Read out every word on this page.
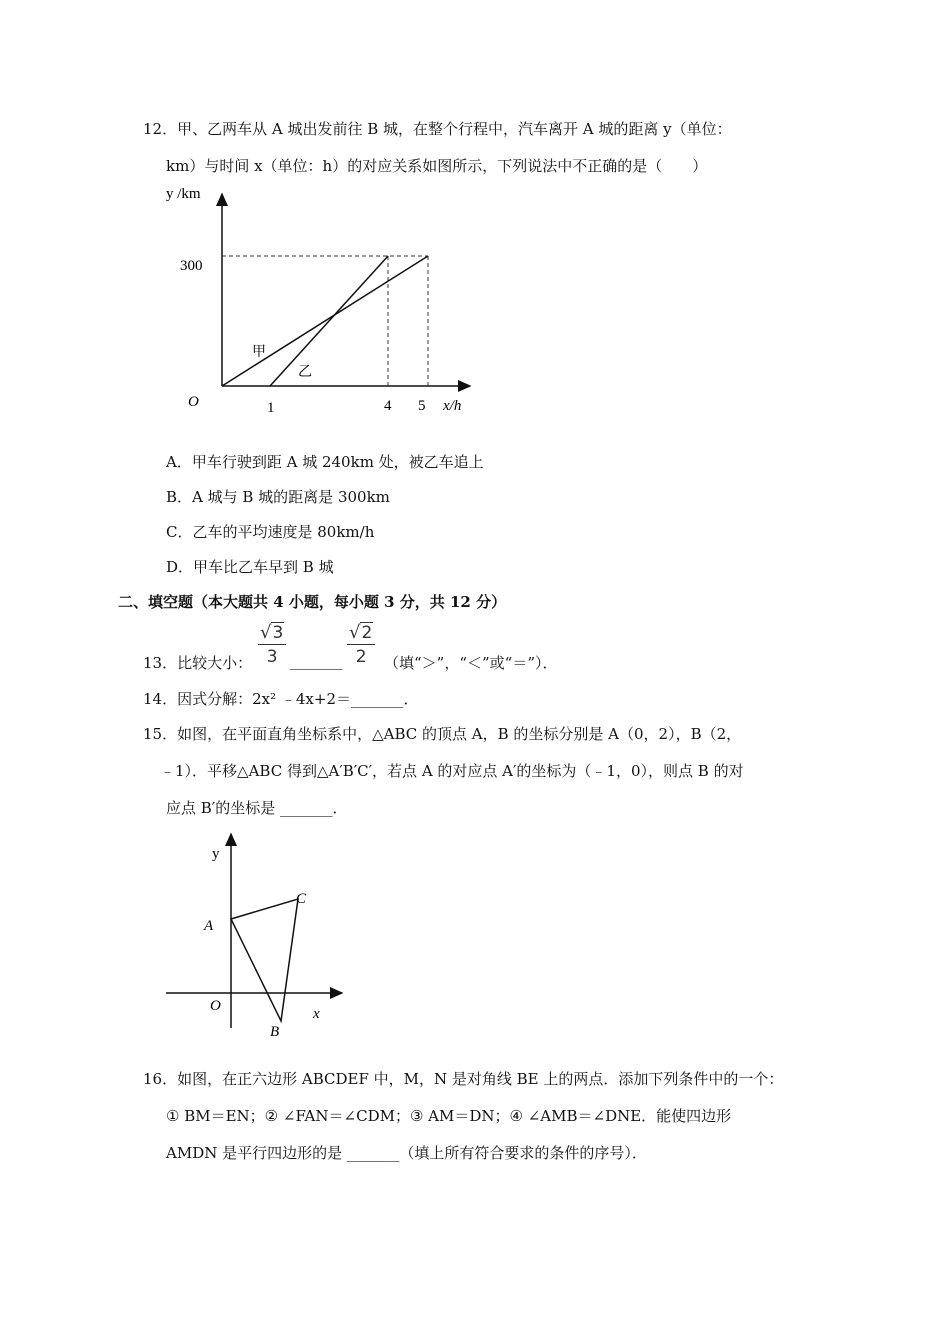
12．甲、乙两车从 A 城出发前往 B 城，在整个行程中，汽车离开 A 城的距离 y（单位：
km）与时间 x（单位：h）的对应关系如图所示，下列说法中不正确的是（　　）
y /km
300
O	1	4 5 x/h
甲
乙
A．甲车行驶到距 A 城 240km 处，被乙车追上
B．A 城与 B 城的距离是 300km
C．乙车的平均速度是 80km/h
D．甲车比乙车早到 B 城
二、填空题（本大题共 4 小题，每小题 3 分，共 12 分）
$\frac{√3}{3}$	$\frac{√2}{2}$
13．比较大小：	_______	（填“＞”，“＜”或“＝”）．
14．因式分解：2x² ﹣4x+2＝_______．
15．如图，在平面直角坐标系中，△ABC 的顶点 A，B 的坐标分别是 A（0，2），B（2，
﹣1）．平移△ABC 得到△A′B′C′，若点 A 的对应点 A′的坐标为（﹣1，0），则点 B 的对
应点 B′的坐标是 _______．
y
A
C
O
B
x
16．如图，在正六边形 ABCDEF 中，M，N 是对角线 BE 上的两点．添加下列条件中的一个：
① BM＝EN；② ∠FAN＝∠CDM；③ AM＝DN；④ ∠AMB＝∠DNE．能使四边形
AMDN 是平行四边形的是 _______（填上所有符合要求的条件的序号）．
